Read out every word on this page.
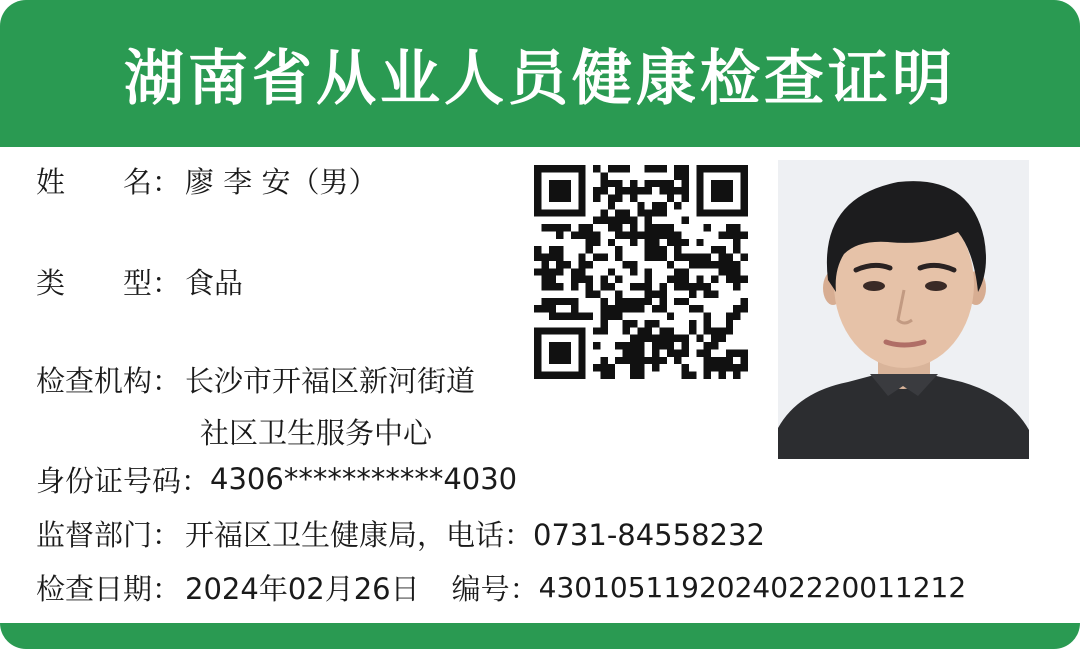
湖南省从业人员健康检查证明
姓　　名： 廖 李 安（男）
类　　型： 食品
检查机构： 长沙市开福区新河街道
社区卫生服务中心
身份证号码： 4306***********4030
监督部门： 开福区卫生健康局，电话：0731-84558232
检查日期： 2024年02月26日 编号： 430105119202402220011212
